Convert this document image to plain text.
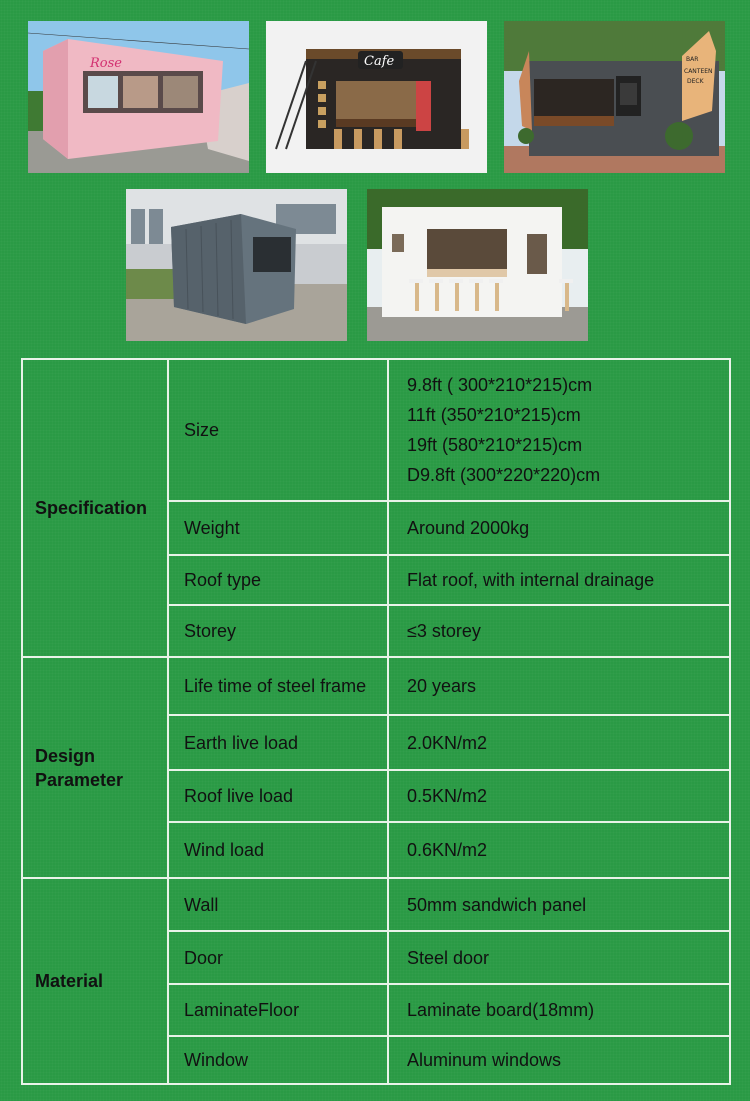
Rose	Cafe	BAR
CANTEEN
DECK
Specification	Size	9.8ft ( 300*210*215)cm
11ft (350*210*215)cm
19ft (580*210*215)cm
D9.8ft (300*220*220)cm

	Weight	Around 2000kg
	Roof type	Flat roof, with internal drainage
	Storey	≤3 storey

Design
Parameter	Life time of steel frame	20 years
	Earth live load	2.0KN/m2
	Roof live load	0.5KN/m2
	Wind load	0.6KN/m2
Material	Wall	50mm sandwich panel
	Door	Steel door
	LaminateFloor	Laminate board(18mm)
	Window	Aluminum windows
